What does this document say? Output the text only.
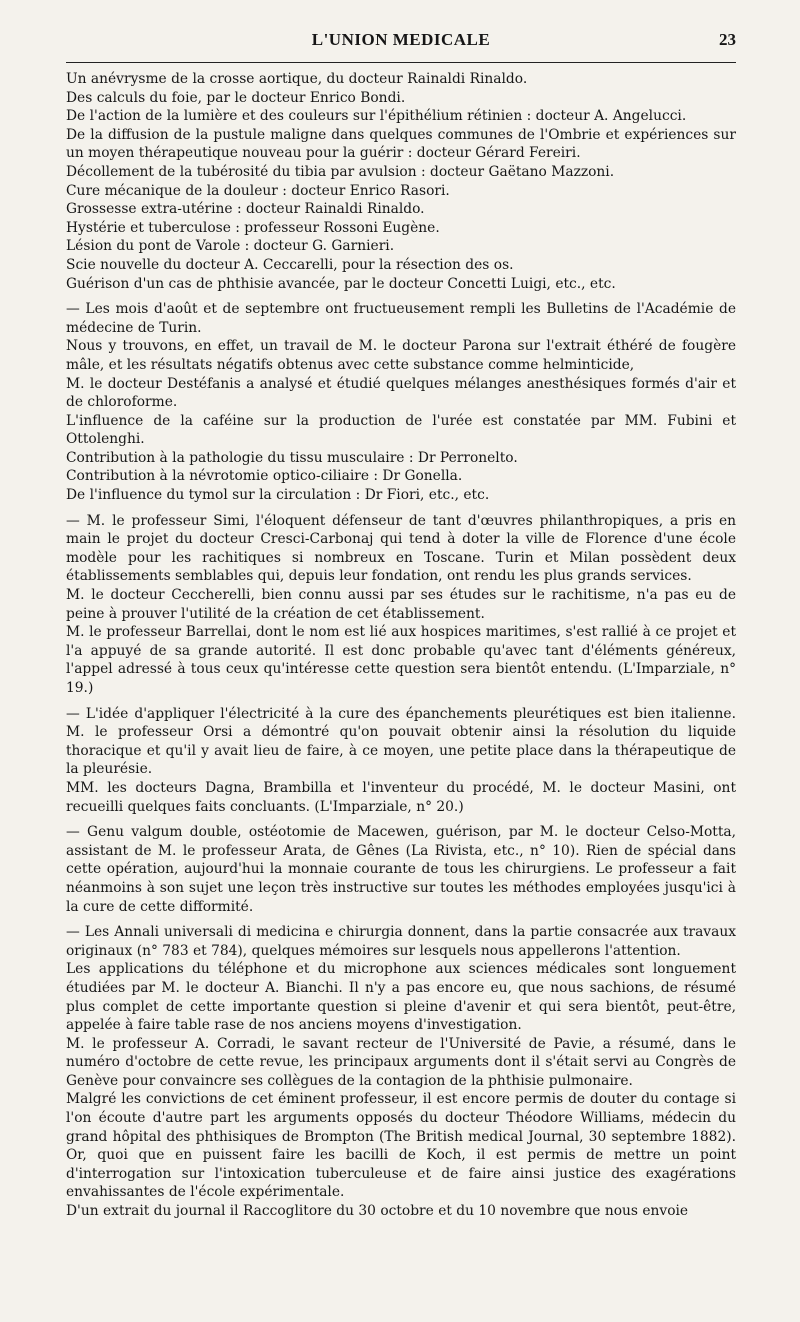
L'UNION MEDICALE	23

Un anévrysme de la crosse aortique, du docteur Rainaldi Rinaldo.

Des calculs du foie, par le docteur Enrico Bondi.

De l'action de la lumière et des couleurs sur l'épithélium rétinien : docteur A. Angelucci.

De la diffusion de la pustule maligne dans quelques communes de l'Ombrie et expériences sur un moyen thérapeutique nouveau pour la guérir : docteur Gérard Fereiri.

Décollement de la tubérosité du tibia par avulsion : docteur Gaëtano Mazzoni.

Cure mécanique de la douleur : docteur Enrico Rasori.

Grossesse extra-utérine : docteur Rainaldi Rinaldo.

Hystérie et tuberculose : professeur Rossoni Eugène.

Lésion du pont de Varole : docteur G. Garnieri.

Scie nouvelle du docteur A. Ceccarelli, pour la résection des os.

Guérison d'un cas de phthisie avancée, par le docteur Concetti Luigi, etc., etc.

— Les mois d'août et de septembre ont fructueusement rempli les Bulletins de l'Académie de médecine de Turin.

Nous y trouvons, en effet, un travail de M. le docteur Parona sur l'extrait éthéré de fougère mâle, et les résultats négatifs obtenus avec cette substance comme helminticide,

M. le docteur Destéfanis a analysé et étudié quelques mélanges anesthésiques formés d'air et de chloroforme.

L'influence de la caféine sur la production de l'urée est constatée par MM. Fubini et Ottolenghi.

Contribution à la pathologie du tissu musculaire : Dr Perronelto.

Contribution à la névrotomie optico-ciliaire : Dr Gonella.

De l'influence du tymol sur la circulation : Dr Fiori, etc., etc.

— M. le professeur Simi, l'éloquent défenseur de tant d'œuvres philanthropiques, a pris en main le projet du docteur Cresci-Carbonaj qui tend à doter la ville de Florence d'une école modèle pour les rachitiques si nombreux en Toscane. Turin et Milan possèdent deux établissements semblables qui, depuis leur fondation, ont rendu les plus grands services.

M. le docteur Ceccherelli, bien connu aussi par ses études sur le rachitisme, n'a pas eu de peine à prouver l'utilité de la création de cet établissement.

M. le professeur Barrellai, dont le nom est lié aux hospices maritimes, s'est rallié à ce projet et l'a appuyé de sa grande autorité. Il est donc probable qu'avec tant d'éléments généreux, l'appel adressé à tous ceux qu'intéresse cette question sera bientôt entendu. (L'Imparziale, n° 19.)

— L'idée d'appliquer l'électricité à la cure des épanchements pleurétiques est bien italienne. M. le professeur Orsi a démontré qu'on pouvait obtenir ainsi la résolution du liquide thoracique et qu'il y avait lieu de faire, à ce moyen, une petite place dans la thérapeutique de la pleurésie.

MM. les docteurs Dagna, Brambilla et l'inventeur du procédé, M. le docteur Masini, ont recueilli quelques faits concluants. (L'Imparziale, n° 20.)

— Genu valgum double, ostéotomie de Macewen, guérison, par M. le docteur Celso-Motta, assistant de M. le professeur Arata, de Gênes (La Rivista, etc., n° 10). Rien de spécial dans cette opération, aujourd'hui la monnaie courante de tous les chirurgiens. Le professeur a fait néanmoins à son sujet une leçon très instructive sur toutes les méthodes employées jusqu'ici à la cure de cette difformité.

— Les Annali universali di medicina e chirurgia donnent, dans la partie consacrée aux travaux originaux (n° 783 et 784), quelques mémoires sur lesquels nous appellerons l'attention.

Les applications du téléphone et du microphone aux sciences médicales sont longuement étudiées par M. le docteur A. Bianchi. Il n'y a pas encore eu, que nous sachions, de résumé plus complet de cette importante question si pleine d'avenir et qui sera bientôt, peut-être, appelée à faire table rase de nos anciens moyens d'investigation.

M. le professeur A. Corradi, le savant recteur de l'Université de Pavie, a résumé, dans le numéro d'octobre de cette revue, les principaux arguments dont il s'était servi au Congrès de Genève pour convaincre ses collègues de la contagion de la phthisie pulmonaire.

Malgré les convictions de cet éminent professeur, il est encore permis de douter du contage si l'on écoute d'autre part les arguments opposés du docteur Théodore Williams, médecin du grand hôpital des phthisiques de Brompton (The British medical Journal, 30 septembre 1882). Or, quoi que en puissent faire les bacilli de Koch, il est permis de mettre un point d'interrogation sur l'intoxication tuberculeuse et de faire ainsi justice des exagérations envahissantes de l'école expérimentale.

D'un extrait du journal il Raccoglitore du 30 octobre et du 10 novembre que nous envoie
